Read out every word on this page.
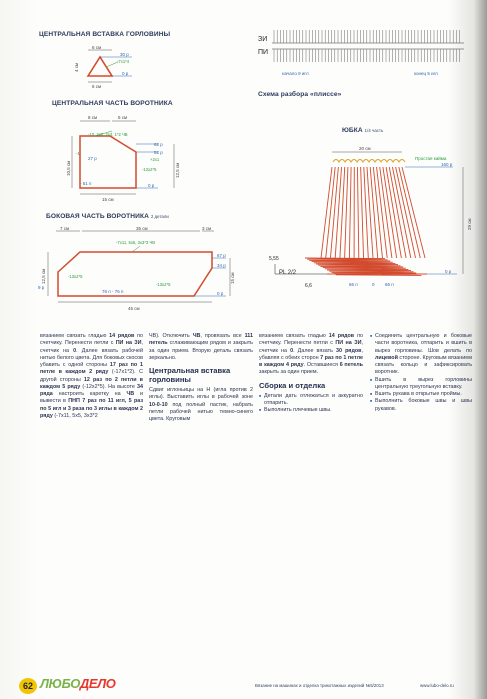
ЦЕНТРАЛЬНАЯ ВСТАВКА ГОРЛОВИНЫ
6 см
4 см
6 см
30 р
-7x1*4
0 р
ЦЕНТРАЛЬНАЯ ЧАСТЬ ВОРОТНИКА
8 см	5 см
-10, 2x5, 2x3, 1*2 ЧВ
62 р
52 р
+2x1
27 р
-1
-12x2*5
- 51 п	0 р
10,5 см	12,5 см
15 см
БОКОВАЯ ЧАСТЬ ВОРОТНИКА 2 детали
7 см	35 см	3 см
-7x11, 5x5, 3x3*3 ЧВ
67 р
34 р
9 р
0 р
-13x2*5
-13x2*5
76 п - 76 п
12,5 см	15 см
45 см
ЗИ
ПИ
начало 9 игл	конец 5 игл
Схема разбора «плиссе»
ЮБКА 1/4 часть
20 см
Простая кайма
160 р
29 см
0 р
5,55
PL 2/2
6,6	66 п	0 66 п
вязанием связать гладью 14 рядов по счетчику. Перенести петли с ПИ на ЗИ, счетчик на 0. Далее вязать рабочей нитью белого цвета. Для боковых скосов убавить с одной стороны 17 раз по 1 петле в каждом 2 ряду (-17x1*2). С другой стороны 12 раз по 2 петли в каждом 5 ряду (-12x2*5). На высоте 34 ряда настроить каретку на ЧВ и вывести в ПНП 7 раз по 11 игл, 5 раз по 5 игл и 3 раза по 3 иглы в каждом 2 ряду (-7x11, 5x5, 3x3*2
ЧВ). Отключить ЧВ, провязать все 111 петель сглаживающим рядом и закрыть за один прием. Вторую деталь связать зеркально.
Центральная вставка горловины
Сдвиг иглоньицы на Н (игла против 2 иглы). Выставить иглы в рабочей зоне 10-0-10 под полный пастик, набрать петли рабочей нитью темно-синего цвета. Круговым
вязанием связать гладью 14 рядов по счетчику. Перенести петли с ПИ на ЗИ, счетчик на 0. Далее вязать 30 рядов, убавляя с обеих сторон 7 раз по 1 петле в каждом 4 ряду. Оставшиеся 6 петель закрыть за один прием.
Сборка и отделка
■ Детали дать отлежаться и аккуратно отпарить.
■ Выполнить плечевые швы.
■ Соединить центральную и боковые части воротника, отпарить и вшить в вырез горловины. Шов делать по лицевой стороне. Круговым вязанием связать кольцо и зафиксировать воротник.
■ Вшить в вырез горловины центральную треугольную вставку.
■ Вшить рукава в открытые проймы.
■ Выполнить боковые швы и швы рукавов.
62 ЛЮБОДЕЛО	Вязание на машинах и отделка трикотажных изделий №5/2013	www.lubo-delo.ru
